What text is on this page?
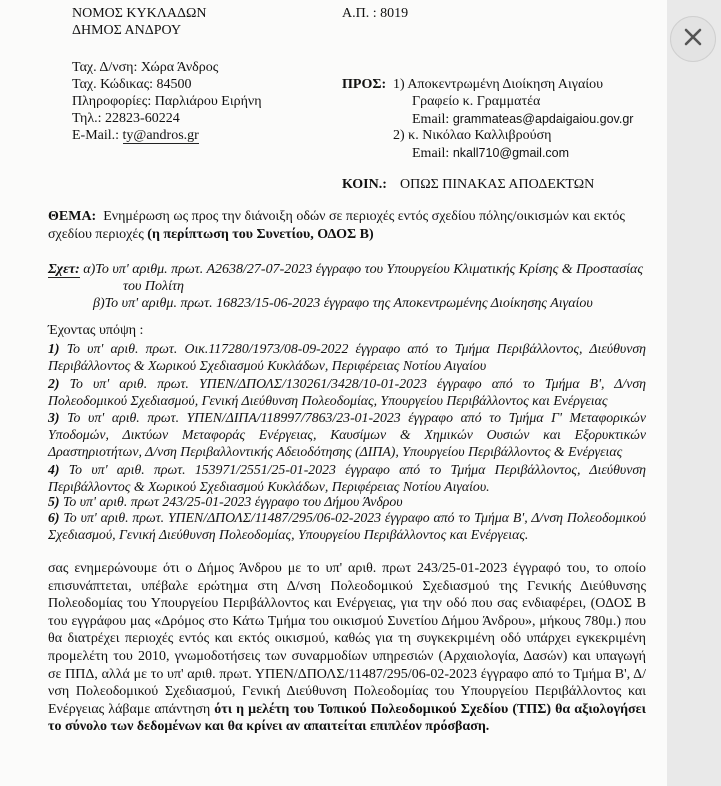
ΝΟΜΟΣ ΚΥΚΛΑΔΩΝ
ΔΗΜΟΣ ΑΝΔΡΟΥ
Α.Π. : 8019
Ταχ. Δ/νση: Χώρα Άνδρος
Ταχ. Κώδικας: 84500
Πληροφορίες: Παρλιάρου Ειρήνη
Τηλ.: 22823-60224
E-Mail.: ty@andros.gr
ΠΡΟΣ: 1) Αποκεντρωμένη Διοίκηση Αιγαίου
Γραφείο κ. Γραμματέα
Email: grammateas@apdaigaiou.gov.gr
2) κ. Νικόλαο Καλλιβρούση
Email: nkall710@gmail.com
ΚΟΙΝ.: ΟΠΩΣ ΠΙΝΑΚΑΣ ΑΠΟΔΕΚΤΩΝ
ΘΕΜΑ: Ενημέρωση ως προς την διάνοιξη οδών σε περιοχές εντός σχεδίου πόλης/οικισμών και εκτός
σχεδίου περιοχές (η περίπτωση του Συνετίου, ΟΔΟΣ Β)
Σχετ: α)Το υπ' αριθμ. πρωτ. Α2638/27-07-2023 έγγραφο του Υπουργείου Κλιματικής Κρίσης & Προστασίας
του Πολίτη
β)Το υπ' αριθμ. πρωτ. 16823/15-06-2023 έγγραφο της Αποκεντρωμένης Διοίκησης Αιγαίου
Έχοντας υπόψη :
1) Το υπ' αριθ. πρωτ. Οικ.117280/1973/08-09-2022 έγγραφο από το Τμήμα Περιβάλλοντος, Διεύθυνση Περιβάλλοντος & Χωρικού Σχεδιασμού Κυκλάδων, Περιφέρειας Νοτίου Αιγαίου
2) Το υπ' αριθ. πρωτ. ΥΠΕΝ/ΔΠΟΛΣ/130261/3428/10-01-2023 έγγραφο από το Τμήμα Β', Δ/νση Πολεοδομικού Σχεδιασμού, Γενική Διεύθυνση Πολεοδομίας, Υπουργείου Περιβάλλοντος και Ενέργειας
3) Το υπ' αριθ. πρωτ. ΥΠΕΝ/ΔΙΠΑ/118997/7863/23-01-2023 έγγραφο από το Τμήμα Γ' Μεταφορικών Υποδομών, Δικτύων Μεταφοράς Ενέργειας, Καυσίμων & Χημικών Ουσιών και Εξορυκτικών Δραστηριοτήτων, Δ/νση Περιβαλλοντικής Αδειοδότησης (ΔΙΠΑ), Υπουργείου Περιβάλλοντος & Ενέργειας
4) Το υπ' αριθ. πρωτ. 153971/2551/25-01-2023 έγγραφο από το Τμήμα Περιβάλλοντος, Διεύθυνση Περιβάλλοντος & Χωρικού Σχεδιασμού Κυκλάδων, Περιφέρειας Νοτίου Αιγαίου.
5) Το υπ' αριθ. πρωτ 243/25-01-2023 έγγραφο του Δήμου Άνδρου
6) Το υπ' αριθ. πρωτ. ΥΠΕΝ/ΔΠΟΛΣ/11487/295/06-02-2023 έγγραφο από το Τμήμα Β', Δ/νση Πολεοδομικού Σχεδιασμού, Γενική Διεύθυνση Πολεοδομίας, Υπουργείου Περιβάλλοντος και Ενέργειας.
σας ενημερώνουμε ότι ο Δήμος Άνδρου με το υπ' αριθ. πρωτ 243/25-01-2023 έγγραφό του, το οποίο επισυνάπτεται, υπέβαλε ερώτημα στη Δ/νση Πολεοδομικού Σχεδιασμού της Γενικής Διεύθυνσης Πολεοδομίας του Υπουργείου Περιβάλλοντος και Ενέργειας, για την οδό που σας ενδιαφέρει, (ΟΔΟΣ Β του εγγράφου μας «Δρόμος στο Κάτω Τμήμα του οικισμού Συνετίου Δήμου Άνδρου», μήκους 780μ.) που θα διατρέχει περιοχές εντός και εκτός οικισμού, καθώς για τη συγκεκριμένη οδό υπάρχει εγκεκριμένη προμελέτη του 2010, γνωμοδοτήσεις των συναρμοδίων υπηρεσιών (Αρχαιολογία, Δασών) και υπαγωγή σε ΠΠΔ, αλλά με το υπ' αριθ. πρωτ. ΥΠΕΝ/ΔΠΟΛΣ/11487/295/06-02-2023 έγγραφο από το Τμήμα Β', Δ/νση Πολεοδομικού Σχεδιασμού, Γενική Διεύθυνση Πολεοδομίας του Υπουργείου Περιβάλλοντος και Ενέργειας λάβαμε απάντηση ότι η μελέτη του Τοπικού Πολεοδομικού Σχεδίου (ΤΠΣ) θα αξιολογήσει το σύνολο των δεδομένων και θα κρίνει αν απαιτείται επιπλέον πρόσβαση.
